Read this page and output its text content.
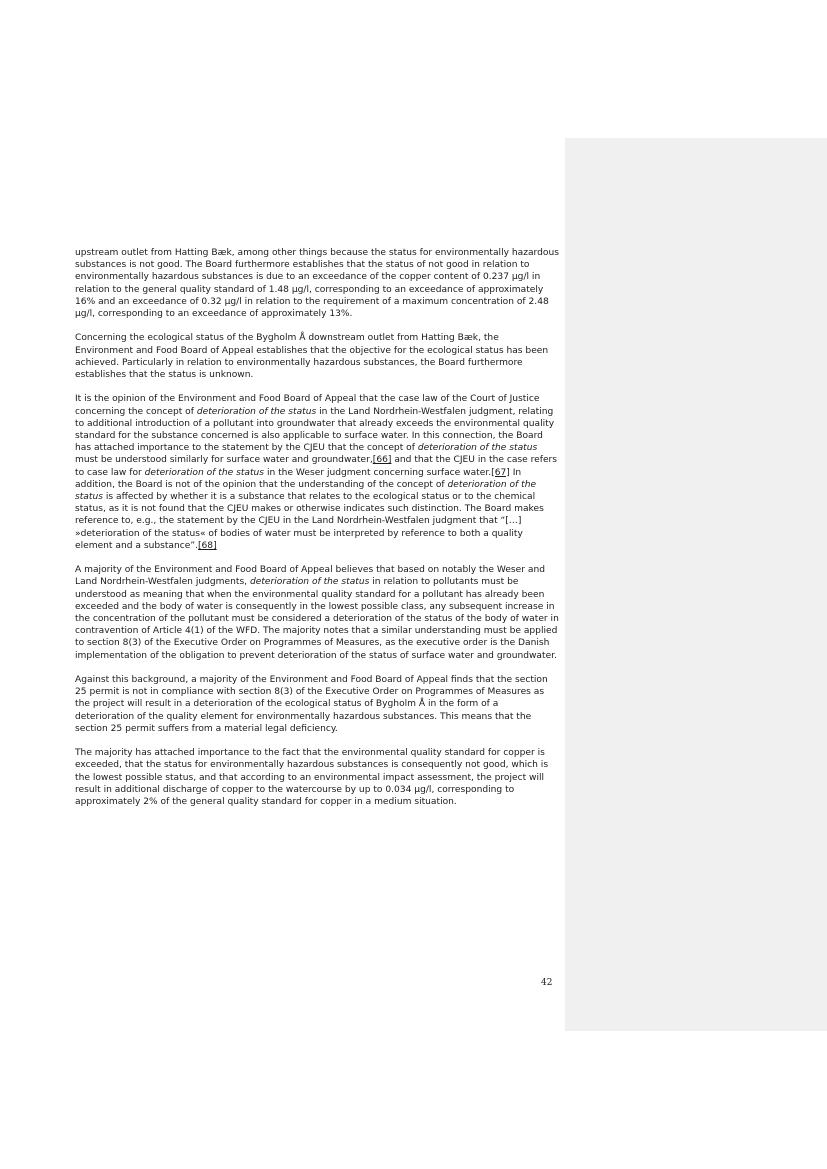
upstream outlet from Hatting Bæk, among other things because the status for environmentally hazardous substances is not good. The Board furthermore establishes that the status of not good in relation to environmentally hazardous substances is due to an exceedance of the copper content of 0.237 µg/l in relation to the general quality standard of 1.48 µg/l, corresponding to an exceedance of approximately 16% and an exceedance of 0.32 µg/l in relation to the requirement of a maximum concentration of 2.48 µg/l, corresponding to an exceedance of approximately 13%.

Concerning the ecological status of the Bygholm Å downstream outlet from Hatting Bæk, the Environment and Food Board of Appeal establishes that the objective for the ecological status has been achieved. Particularly in relation to environmentally hazardous substances, the Board furthermore establishes that the status is unknown.

It is the opinion of the Environment and Food Board of Appeal that the case law of the Court of Justice concerning the concept of deterioration of the status in the Land Nordrhein-Westfalen judgment, relating to additional introduction of a pollutant into groundwater that already exceeds the environmental quality standard for the substance concerned is also applicable to surface water. In this connection, the Board has attached importance to the statement by the CJEU that the concept of deterioration of the status must be understood similarly for surface water and groundwater,[66] and that the CJEU in the case refers to case law for deterioration of the status in the Weser judgment concerning surface water.[67] In addition, the Board is not of the opinion that the understanding of the concept of deterioration of the status is affected by whether it is a substance that relates to the ecological status or to the chemical status, as it is not found that the CJEU makes or otherwise indicates such distinction. The Board makes reference to, e.g., the statement by the CJEU in the Land Nordrhein-Westfalen judgment that “[…] »deterioration of the status« of bodies of water must be interpreted by reference to both a quality element and a substance”.[68]

A majority of the Environment and Food Board of Appeal believes that based on notably the Weser and Land Nordrhein-Westfalen judgments, deterioration of the status in relation to pollutants must be understood as meaning that when the environmental quality standard for a pollutant has already been exceeded and the body of water is consequently in the lowest possible class, any subsequent increase in the concentration of the pollutant must be considered a deterioration of the status of the body of water in contravention of Article 4(1) of the WFD. The majority notes that a similar understanding must be applied to section 8(3) of the Executive Order on Programmes of Measures, as the executive order is the Danish implementation of the obligation to prevent deterioration of the status of surface water and groundwater.

Against this background, a majority of the Environment and Food Board of Appeal finds that the section 25 permit is not in compliance with section 8(3) of the Executive Order on Programmes of Measures as the project will result in a deterioration of the ecological status of Bygholm Å in the form of a deterioration of the quality element for environmentally hazardous substances. This means that the section 25 permit suffers from a material legal deficiency.

The majority has attached importance to the fact that the environmental quality standard for copper is exceeded, that the status for environmentally hazardous substances is consequently not good, which is the lowest possible status, and that according to an environmental impact assessment, the project will result in additional discharge of copper to the watercourse by up to 0.034 µg/l, corresponding to approximately 2% of the general quality standard for copper in a medium situation.

42
